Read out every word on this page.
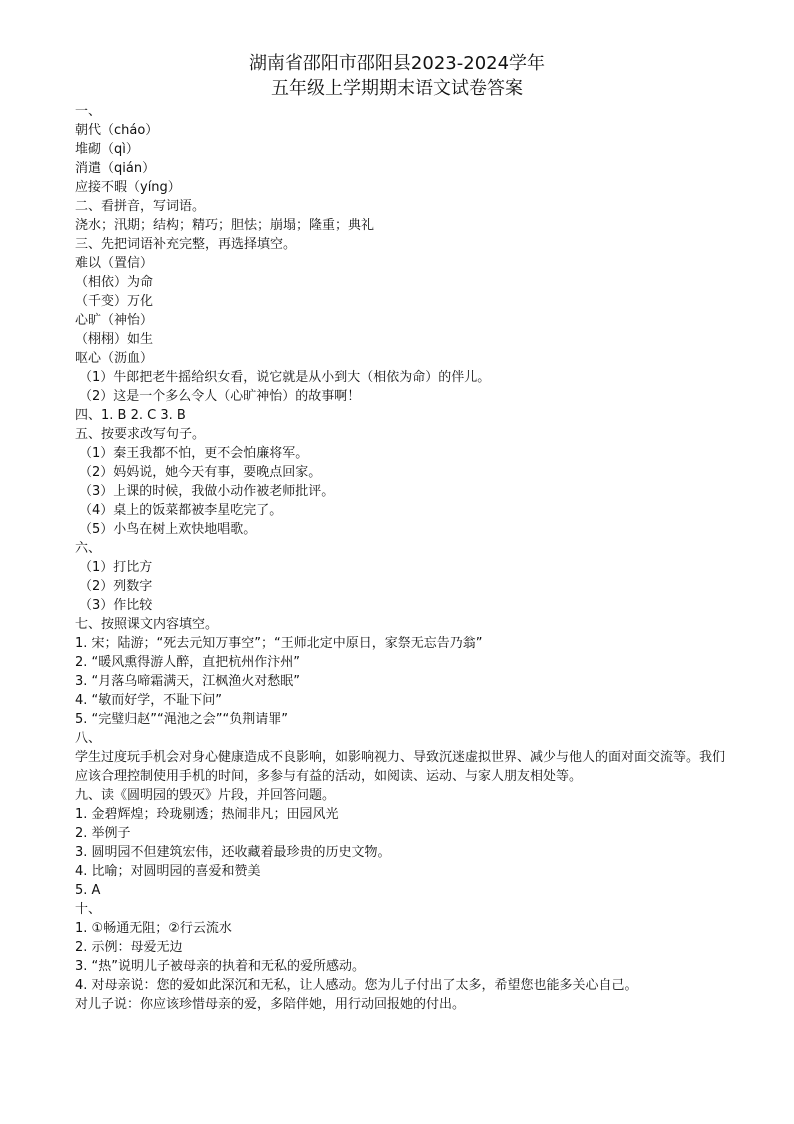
湖南省邵阳市邵阳县2023-2024学年
五年级上学期期末语文试卷答案
一、
朝代（cháo）
堆砌（qì）
消遣（qián）
应接不暇（yíng）
二、看拼音，写词语。
浇水；汛期；结构；精巧；胆怯；崩塌；隆重；典礼
三、先把词语补充完整，再选择填空。
难以（置信）
（相依）为命
（千变）万化
心旷（神怡）
（栩栩）如生
呕心（沥血）
（1）牛郎把老牛摇给织女看，说它就是从小到大（相依为命）的伴儿。
（2）这是一个多么令人（心旷神怡）的故事啊！
四、1. B 2. C 3. B
五、按要求改写句子。
（1）秦王我都不怕，更不会怕廉将军。
（2）妈妈说，她今天有事，要晚点回家。
（3）上课的时候，我做小动作被老师批评。
（4）桌上的饭菜都被李星吃完了。
（5）小鸟在树上欢快地唱歌。
六、
（1）打比方
（2）列数字
（3）作比较
七、按照课文内容填空。
1. 宋；陆游；“死去元知万事空”；“王师北定中原日，家祭无忘告乃翁”
2. “暖风熏得游人醉，直把杭州作汴州”
3. “月落乌啼霜满天，江枫渔火对愁眠”
4. “敏而好学，不耻下问”
5. “完璧归赵”“渑池之会”“负荆请罪”
八、
学生过度玩手机会对身心健康造成不良影响，如影响视力、导致沉迷虚拟世界、减少与他人的面对面交流等。我们应该合理控制使用手机的时间，多参与有益的活动，如阅读、运动、与家人朋友相处等。
九、读《圆明园的毁灭》片段，并回答问题。
1. 金碧辉煌；玲珑剔透；热闹非凡；田园风光
2. 举例子
3. 圆明园不但建筑宏伟，还收藏着最珍贵的历史文物。
4. 比喻；对圆明园的喜爱和赞美
5. A
十、
1. ①畅通无阻；②行云流水
2. 示例：母爱无边
3. “热”说明儿子被母亲的执着和无私的爱所感动。
4. 对母亲说：您的爱如此深沉和无私，让人感动。您为儿子付出了太多，希望您也能多关心自己。
对儿子说：你应该珍惜母亲的爱，多陪伴她，用行动回报她的付出。
